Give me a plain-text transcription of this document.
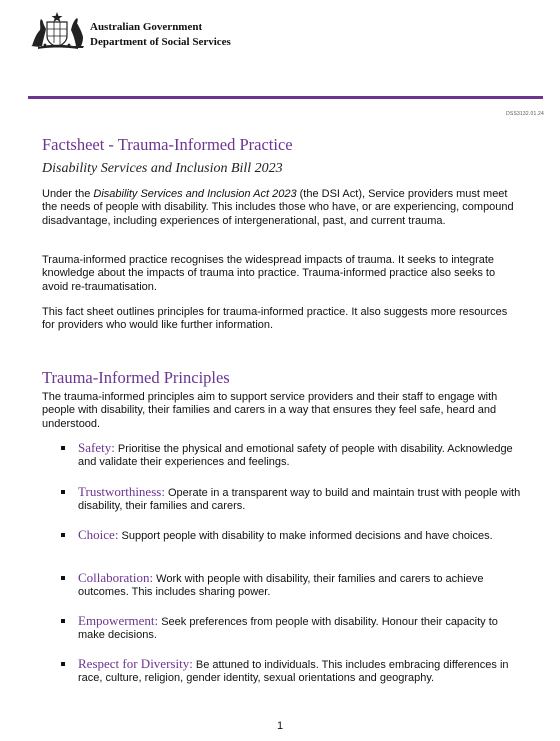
Australian Government
Department of Social Services
DSS3132.01.24
Factsheet - Trauma-Informed Practice
Disability Services and Inclusion Bill 2023

Under the Disability Services and Inclusion Act 2023 (the DSI Act), Service providers must meet the needs of people with disability. This includes those who have, or are experiencing, compound disadvantage, including experiences of intergenerational, past, and current trauma.

Trauma-informed practice recognises the widespread impacts of trauma. It seeks to integrate knowledge about the impacts of trauma into practice. Trauma-informed practice also seeks to avoid re-traumatisation.

This fact sheet outlines principles for trauma-informed practice. It also suggests more resources for providers who would like further information.

Trauma-Informed Principles

The trauma-informed principles aim to support service providers and their staff to engage with people with disability, their families and carers in a way that ensures they feel safe, heard and understood.

Safety: Prioritise the physical and emotional safety of people with disability. Acknowledge and validate their experiences and feelings.
Trustworthiness: Operate in a transparent way to build and maintain trust with people with disability, their families and carers.
Choice: Support people with disability to make informed decisions and have choices.
Collaboration: Work with people with disability, their families and carers to achieve outcomes. This includes sharing power.
Empowerment: Seek preferences from people with disability. Honour their capacity to make decisions.
Respect for Diversity: Be attuned to individuals. This includes embracing differences in race, culture, religion, gender identity, sexual orientations and geography.
1
